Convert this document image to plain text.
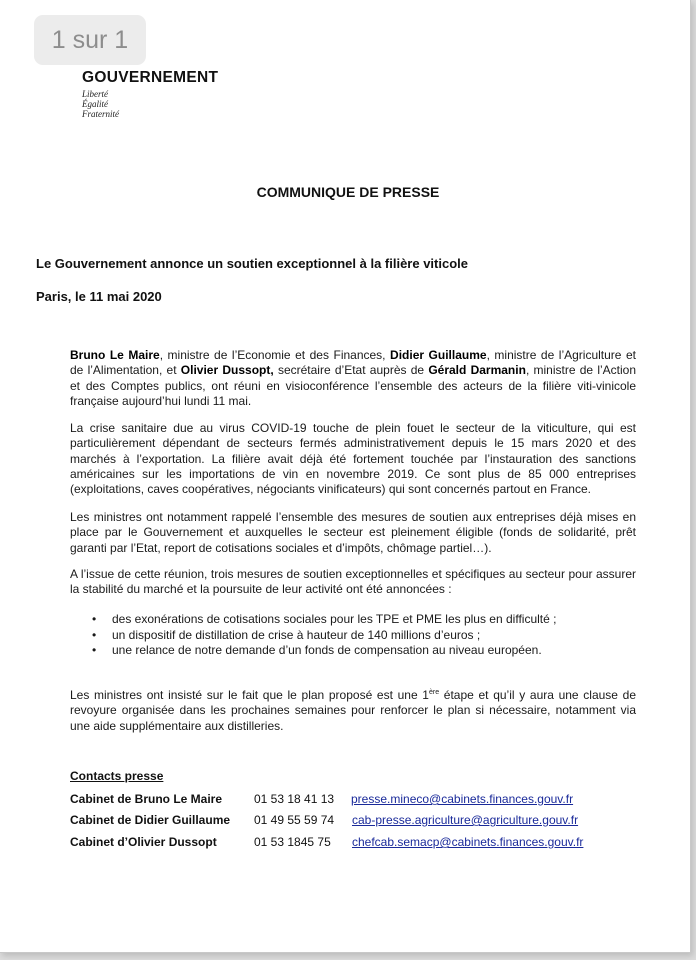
1 sur 1
GOUVERNEMENT
Liberté
Égalité
Fraternité
COMMUNIQUE DE PRESSE
Le Gouvernement annonce un soutien exceptionnel à la filière viticole
Paris, le 11 mai 2020
Bruno Le Maire, ministre de l’Economie et des Finances, Didier Guillaume, ministre de l’Agriculture et de l’Alimentation, et Olivier Dussopt, secrétaire d’Etat auprès de Gérald Darmanin, ministre de l’Action et des Comptes publics, ont réuni en visioconférence l’ensemble des acteurs de la filière viti-vinicole française aujourd’hui lundi 11 mai.
La crise sanitaire due au virus COVID-19 touche de plein fouet le secteur de la viticulture, qui est particulièrement dépendant de secteurs fermés administrativement depuis le 15 mars 2020 et des marchés à l’exportation. La filière avait déjà été fortement touchée par l’instauration des sanctions américaines sur les importations de vin en novembre 2019. Ce sont plus de 85 000 entreprises (exploitations, caves coopératives, négociants vinificateurs) qui sont concernés partout en France.
Les ministres ont notamment rappelé l’ensemble des mesures de soutien aux entreprises déjà mises en place par le Gouvernement et auxquelles le secteur est pleinement éligible (fonds de solidarité, prêt garanti par l’Etat, report de cotisations sociales et d’impôts, chômage partiel…).
A l’issue de cette réunion, trois mesures de soutien exceptionnelles et spécifiques au secteur pour assurer la stabilité du marché et la poursuite de leur activité ont été annoncées :
•	des exonérations de cotisations sociales pour les TPE et PME les plus en difficulté ;
•	un dispositif de distillation de crise à hauteur de 140 millions d’euros ;
•	une relance de notre demande d’un fonds de compensation au niveau européen.
Les ministres ont insisté sur le fait que le plan proposé est une 1ère étape et qu’il y aura une clause de revoyure organisée dans les prochaines semaines pour renforcer le plan si nécessaire, notamment via une aide supplémentaire aux distilleries.
Contacts presse
Cabinet de Bruno Le Maire	01 53 18 41 13 presse.mineco@cabinets.finances.gouv.fr
Cabinet de Didier Guillaume 01 49 55 59 74 cab-presse.agriculture@agriculture.gouv.fr
Cabinet d’Olivier Dussopt	01 53 1845 75 chefcab.semacp@cabinets.finances.gouv.fr
